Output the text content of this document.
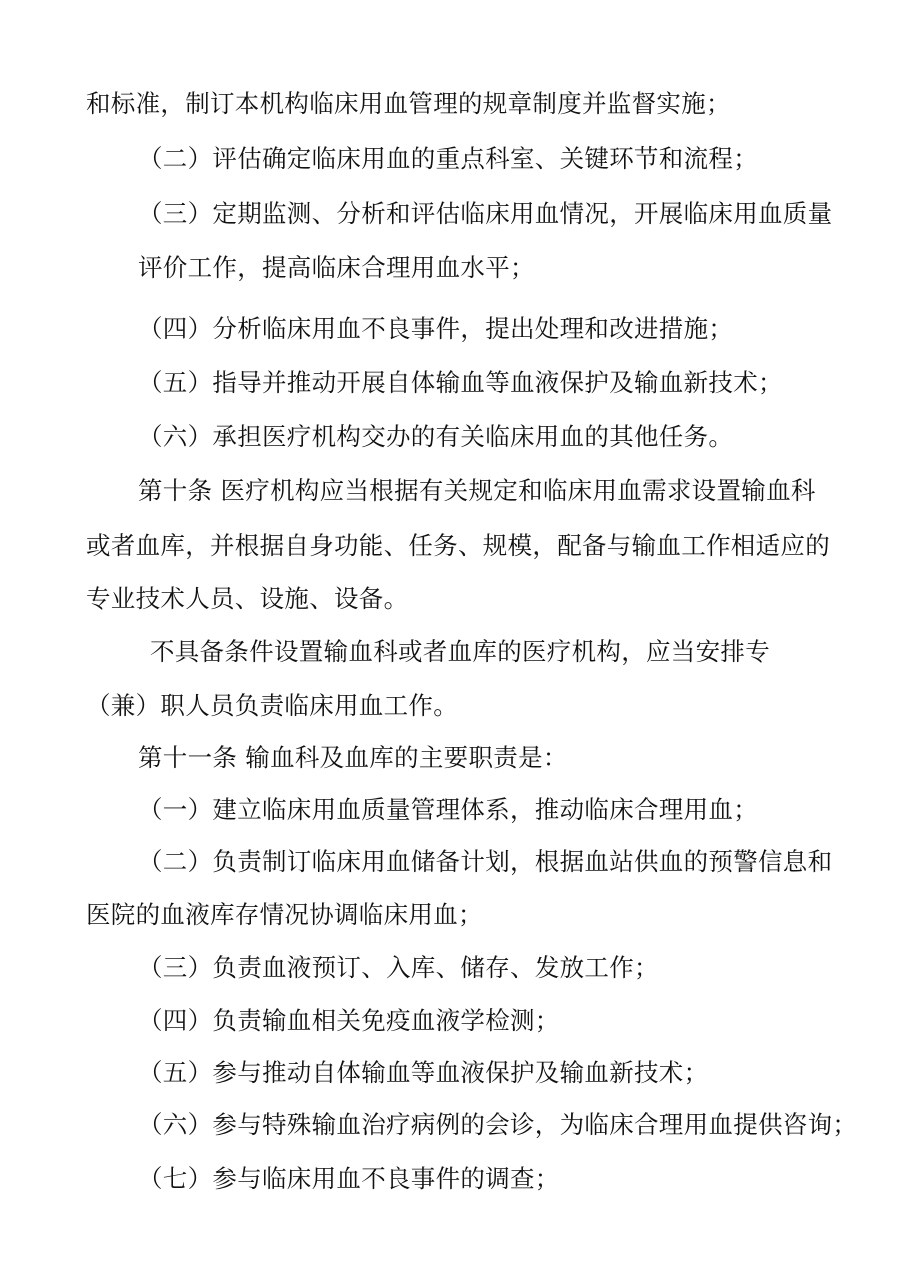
和标准，制订本机构临床用血管理的规章制度并监督实施；
（二）评估确定临床用血的重点科室、关键环节和流程；
（三）定期监测、分析和评估临床用血情况，开展临床用血质量
评价工作，提高临床合理用血水平；
（四）分析临床用血不良事件，提出处理和改进措施；
（五）指导并推动开展自体输血等血液保护及输血新技术；
（六）承担医疗机构交办的有关临床用血的其他任务。
第十条 医疗机构应当根据有关规定和临床用血需求设置输血科
或者血库，并根据自身功能、任务、规模，配备与输血工作相适应的
专业技术人员、设施、设备。
不具备条件设置输血科或者血库的医疗机构，应当安排专
（兼）职人员负责临床用血工作。
第十一条 输血科及血库的主要职责是：
（一）建立临床用血质量管理体系，推动临床合理用血；
（二）负责制订临床用血储备计划，根据血站供血的预警信息和
医院的血液库存情况协调临床用血；
（三）负责血液预订、入库、储存、发放工作；
（四）负责输血相关免疫血液学检测；
（五）参与推动自体输血等血液保护及输血新技术；
（六）参与特殊输血治疗病例的会诊，为临床合理用血提供咨询；
（七）参与临床用血不良事件的调查；
